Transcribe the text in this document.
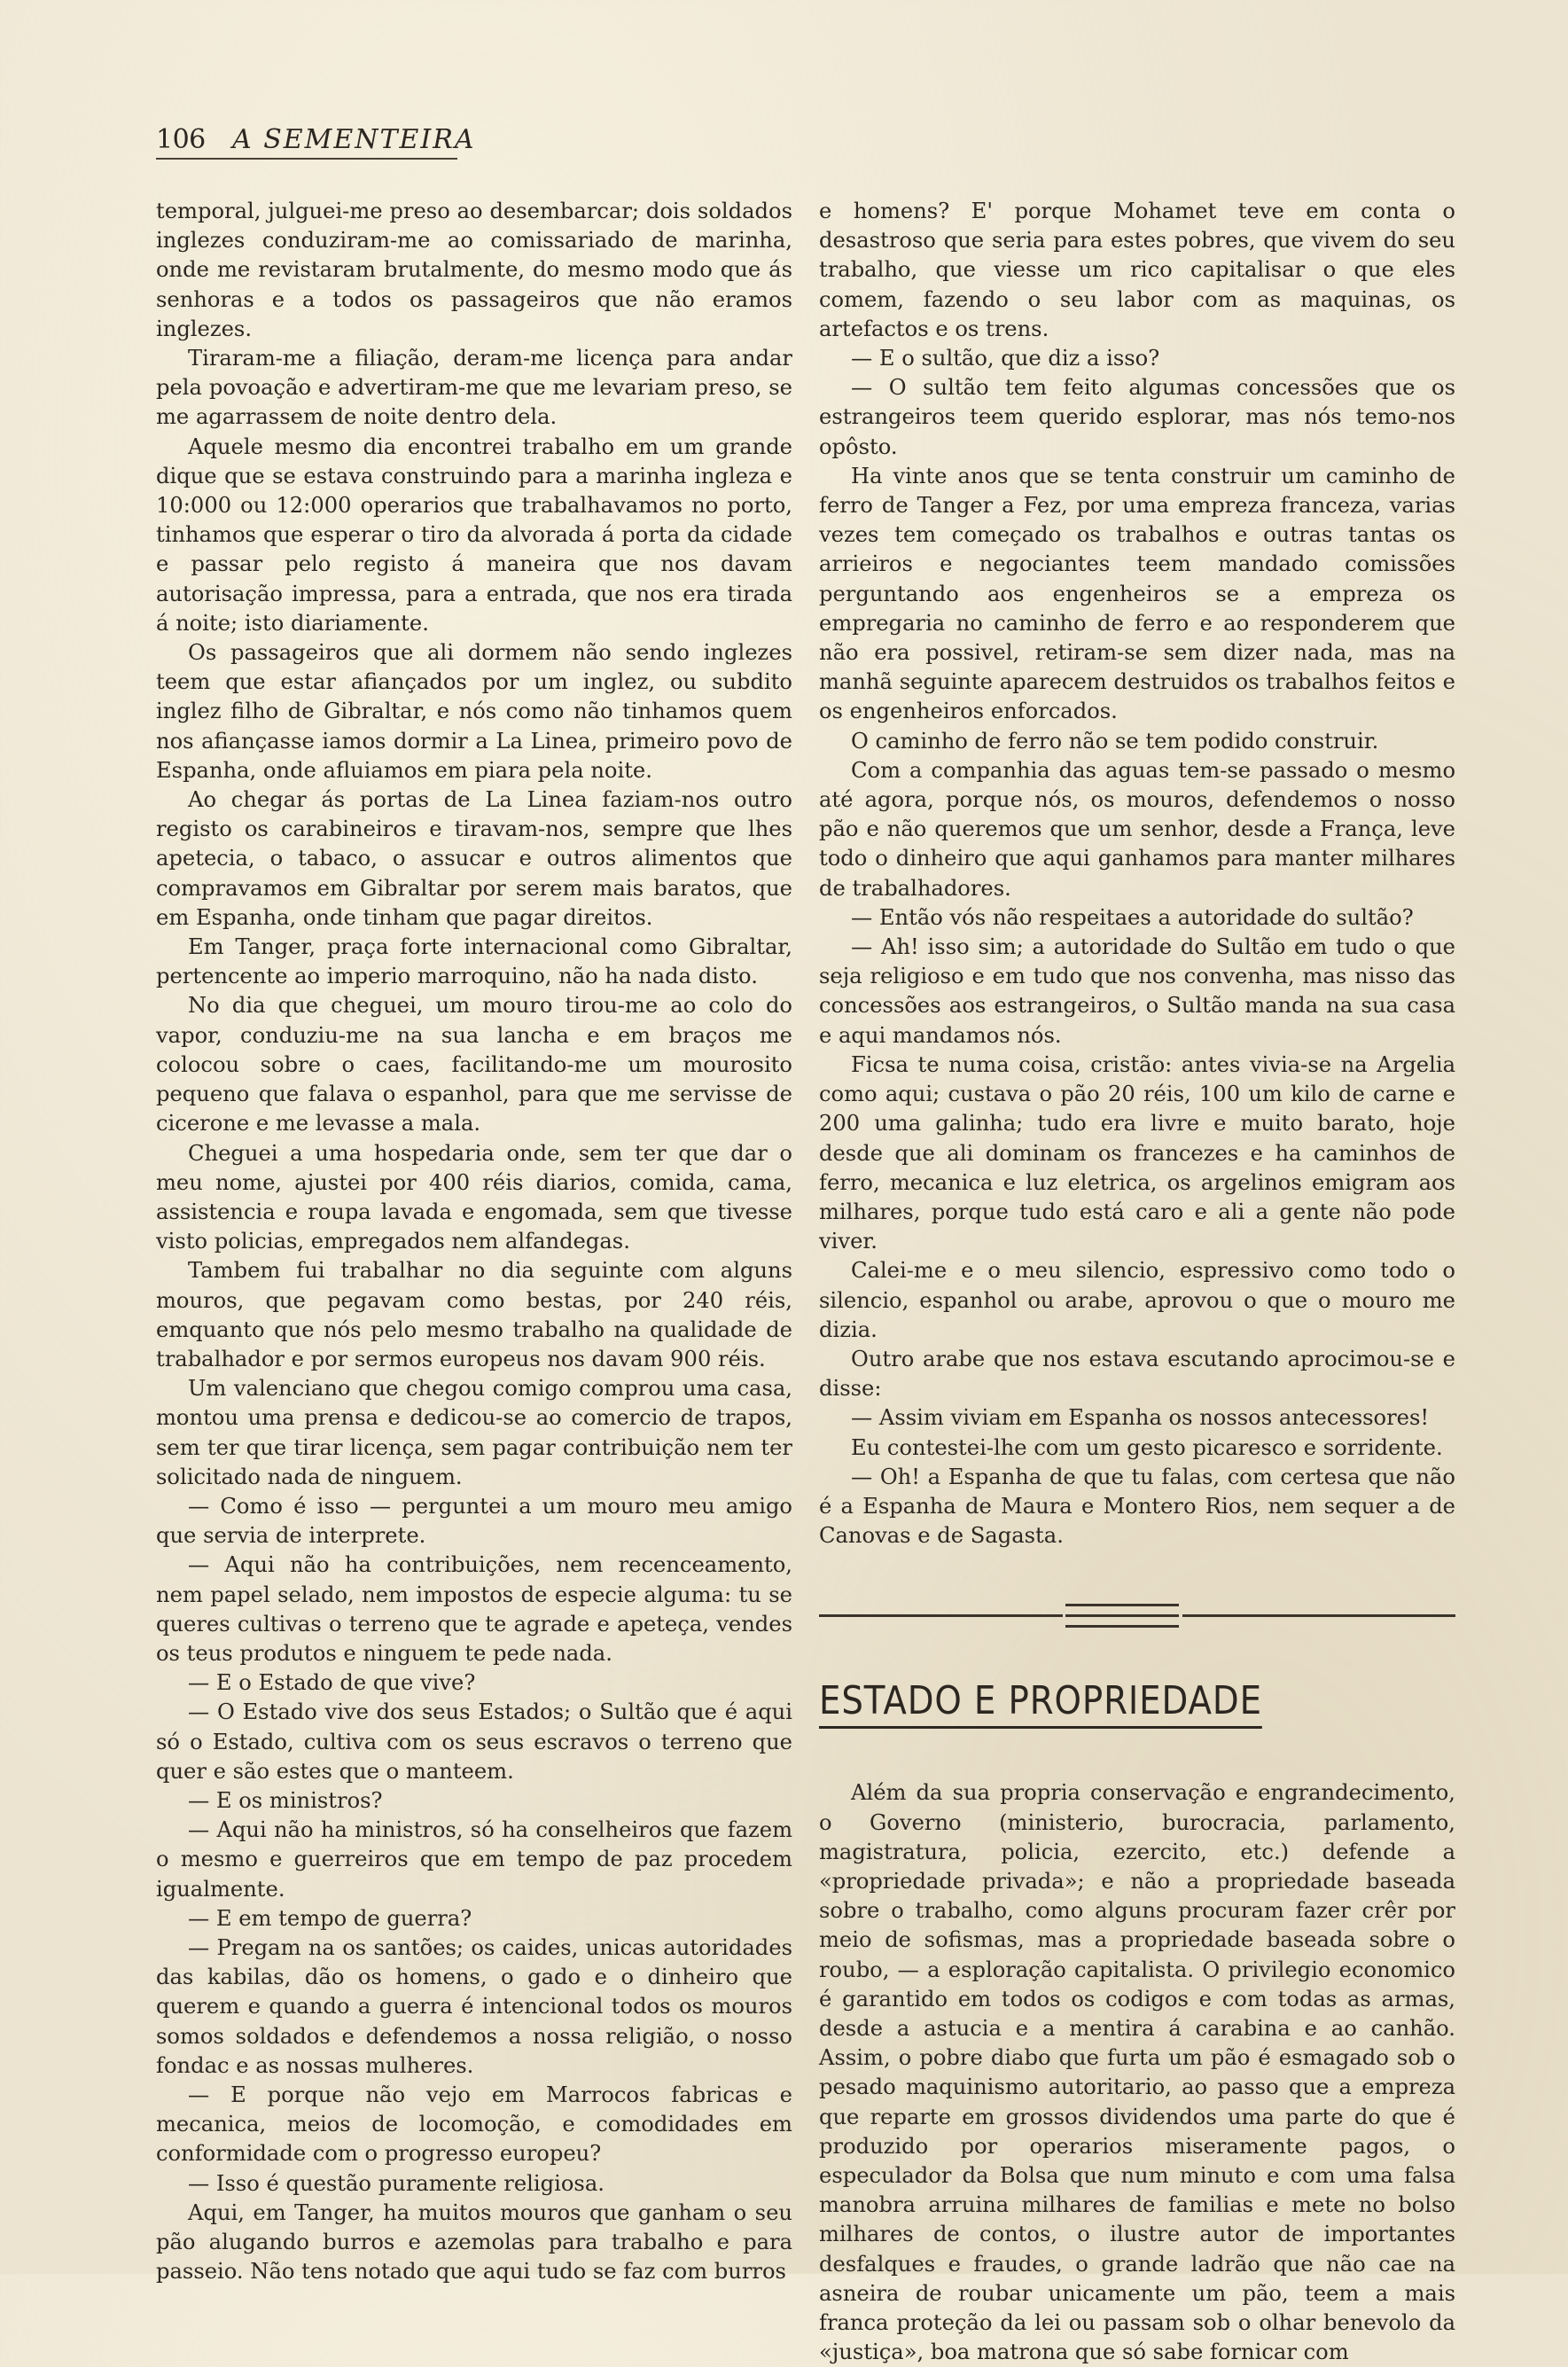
106 A SEMENTEIRA

temporal, julguei-me preso ao desembarcar; dois soldados inglezes conduziram-me ao comissariado de marinha, onde me revistaram brutalmente, do mesmo modo que ás senhoras e a todos os passageiros que não eramos inglezes.

Tiraram-me a filiação, deram-me licença para andar pela povoação e advertiram-me que me levariam preso, se me agarrassem de noite dentro dela.

Aquele mesmo dia encontrei trabalho em um grande dique que se estava construindo para a marinha ingleza e 10:000 ou 12:000 operarios que trabalhavamos no porto, tinhamos que esperar o tiro da alvorada á porta da cidade e passar pelo registo á maneira que nos davam autorisação impressa, para a entrada, que nos era tirada á noite; isto diariamente.

Os passageiros que ali dormem não sendo inglezes teem que estar afiançados por um inglez, ou subdito inglez filho de Gibraltar, e nós como não tinhamos quem nos afiançasse iamos dormir a La Linea, primeiro povo de Espanha, onde afluiamos em piara pela noite.

Ao chegar ás portas de La Linea faziam-nos outro registo os carabineiros e tiravam-nos, sempre que lhes apetecia, o tabaco, o assucar e outros alimentos que compravamos em Gibraltar por serem mais baratos, que em Espanha, onde tinham que pagar direitos.

Em Tanger, praça forte internacional como Gibraltar, pertencente ao imperio marroquino, não ha nada disto.

No dia que cheguei, um mouro tirou-me ao colo do vapor, conduziu-me na sua lancha e em braços me colocou sobre o caes, facilitando-me um mourosito pequeno que falava o espanhol, para que me servisse de cicerone e me levasse a mala.

Cheguei a uma hospedaria onde, sem ter que dar o meu nome, ajustei por 400 réis diarios, comida, cama, assistencia e roupa lavada e engomada, sem que tivesse visto policias, empregados nem alfandegas.

Tambem fui trabalhar no dia seguinte com alguns mouros, que pegavam como bestas, por 240 réis, emquanto que nós pelo mesmo trabalho na qualidade de trabalhador e por sermos europeus nos davam 900 réis.

Um valenciano que chegou comigo comprou uma casa, montou uma prensa e dedicou-se ao comercio de trapos, sem ter que tirar licença, sem pagar contribuição nem ter solicitado nada de ninguem.

— Como é isso — perguntei a um mouro meu amigo que servia de interprete.

— Aqui não ha contribuições, nem recenceamento, nem papel selado, nem impostos de especie alguma: tu se queres cultivas o terreno que te agrade e apeteça, vendes os teus produtos e ninguem te pede nada.

— E o Estado de que vive?

— O Estado vive dos seus Estados; o Sultão que é aqui só o Estado, cultiva com os seus escravos o terreno que quer e são estes que o manteem.

— E os ministros?

— Aqui não ha ministros, só ha conselheiros que fazem o mesmo e guerreiros que em tempo de paz procedem igualmente.

— E em tempo de guerra?

— Pregam na os santões; os caides, unicas autoridades das kabilas, dão os homens, o gado e o dinheiro que querem e quando a guerra é intencional todos os mouros somos soldados e defendemos a nossa religião, o nosso fondac e as nossas mulheres.

— E porque não vejo em Marrocos fabricas e mecanica, meios de locomoção, e comodidades em conformidade com o progresso europeu?

— Isso é questão puramente religiosa.

Aqui, em Tanger, ha muitos mouros que ganham o seu pão alugando burros e azemolas para trabalho e para passeio. Não tens notado que aqui tudo se faz com burros

e homens? E' porque Mohamet teve em conta o desastroso que seria para estes pobres, que vivem do seu trabalho, que viesse um rico capitalisar o que eles comem, fazendo o seu labor com as maquinas, os artefactos e os trens.

— E o sultão, que diz a isso?

— O sultão tem feito algumas concessões que os estrangeiros teem querido esplorar, mas nós temo-nos opôsto.

Ha vinte anos que se tenta construir um caminho de ferro de Tanger a Fez, por uma empreza franceza, varias vezes tem começado os trabalhos e outras tantas os arrieiros e negociantes teem mandado comissões perguntando aos engenheiros se a empreza os empregaria no caminho de ferro e ao responderem que não era possivel, retiram-se sem dizer nada, mas na manhã seguinte aparecem destruidos os trabalhos feitos e os engenheiros enforcados.

O caminho de ferro não se tem podido construir.

Com a companhia das aguas tem-se passado o mesmo até agora, porque nós, os mouros, defendemos o nosso pão e não queremos que um senhor, desde a França, leve todo o dinheiro que aqui ganhamos para manter milhares de trabalhadores.

— Então vós não respeitaes a autoridade do sultão?

— Ah! isso sim; a autoridade do Sultão em tudo o que seja religioso e em tudo que nos convenha, mas nisso das concessões aos estrangeiros, o Sultão manda na sua casa e aqui mandamos nós.

Ficsa te numa coisa, cristão: antes vivia-se na Argelia como aqui; custava o pão 20 réis, 100 um kilo de carne e 200 uma galinha; tudo era livre e muito barato, hoje desde que ali dominam os francezes e ha caminhos de ferro, mecanica e luz eletrica, os argelinos emigram aos milhares, porque tudo está caro e ali a gente não pode viver.

Calei-me e o meu silencio, espressivo como todo o silencio, espanhol ou arabe, aprovou o que o mouro me dizia.

Outro arabe que nos estava escutando aprocimou-se e disse:

— Assim viviam em Espanha os nossos antecessores!

Eu contestei-lhe com um gesto picaresco e sorridente.

— Oh! a Espanha de que tu falas, com certesa que não é a Espanha de Maura e Montero Rios, nem sequer a de Canovas e de Sagasta.

ESTADO E PROPRIEDADE

Além da sua propria conservação e engrandecimento, o Governo (ministerio, burocracia, parlamento, magistratura, policia, ezercito, etc.) defende a «propriedade privada»; e não a propriedade baseada sobre o trabalho, como alguns procuram fazer crêr por meio de sofismas, mas a propriedade baseada sobre o roubo, — a esploração capitalista. O privilegio economico é garantido em todos os codigos e com todas as armas, desde a astucia e a mentira á carabina e ao canhão. Assim, o pobre diabo que furta um pão é esmagado sob o pesado maquinismo autoritario, ao passo que a empreza que reparte em grossos dividendos uma parte do que é produzido por operarios miseramente pagos, o especulador da Bolsa que num minuto e com uma falsa manobra arruina milhares de familias e mete no bolso milhares de contos, o ilustre autor de importantes desfalques e fraudes, o grande ladrão que não cae na asneira de roubar unicamente um pão, teem a mais franca proteção da lei ou passam sob o olhar benevolo da «justiça», boa matrona que só sabe fornicar com
